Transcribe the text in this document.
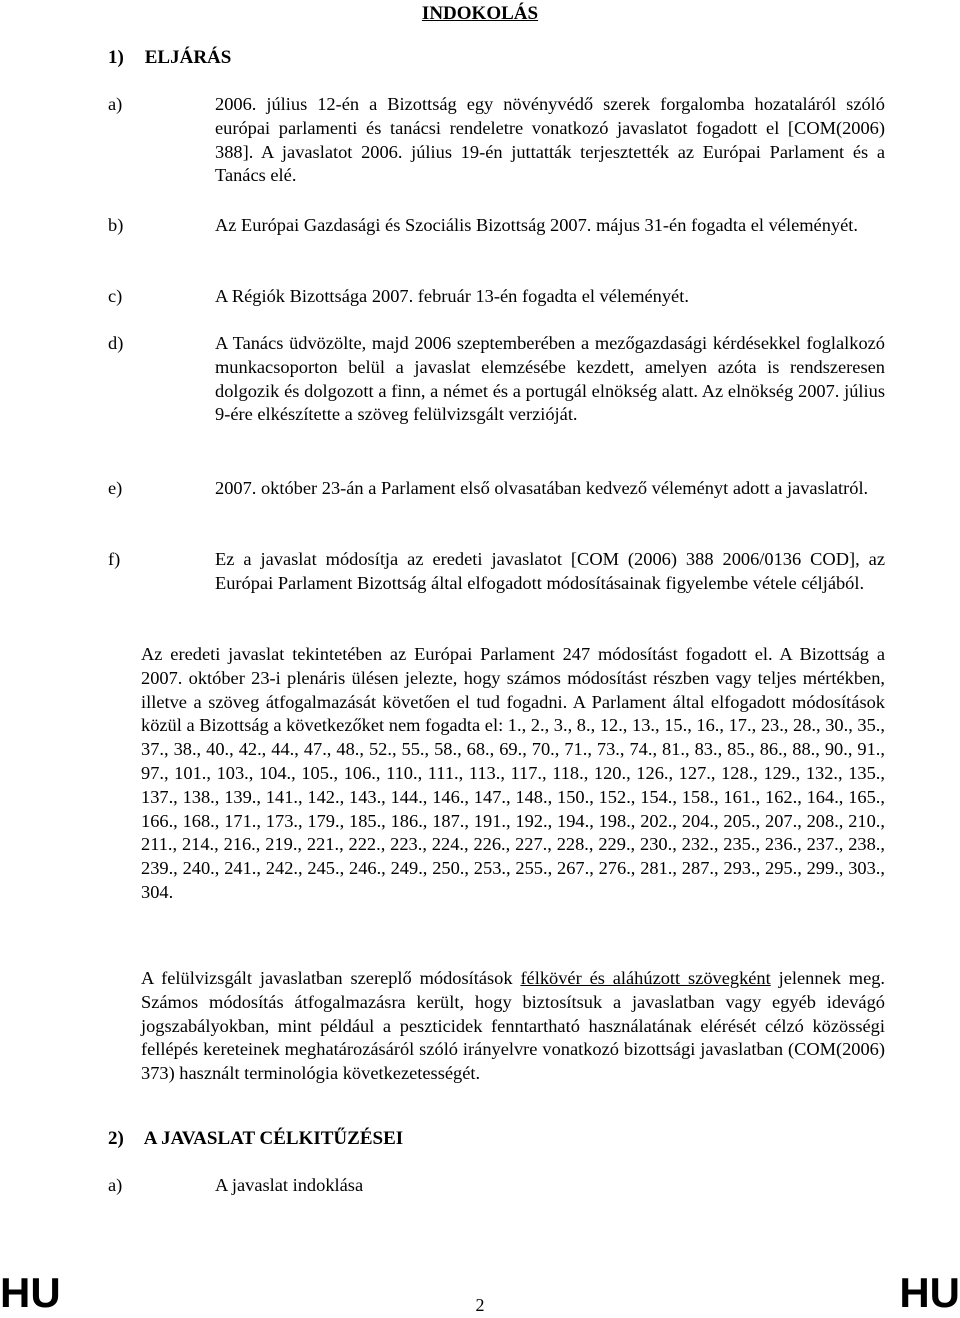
INDOKOLÁS
1) ELJÁRÁS
a)	2006. július 12-én a Bizottság egy növényvédő szerek forgalomba hozataláról szóló európai parlamenti és tanácsi rendeletre vonatkozó javaslatot fogadott el [COM(2006) 388]. A javaslatot 2006. július 19-én juttatták terjesztették az Európai Parlament és a Tanács elé.
b)	Az Európai Gazdasági és Szociális Bizottság 2007. május 31-én fogadta el véleményét.
c)	A Régiók Bizottsága 2007. február 13-én fogadta el véleményét.
d)	A Tanács üdvözölte, majd 2006 szeptemberében a mezőgazdasági kérdésekkel foglalkozó munkacsoporton belül a javaslat elemzésébe kezdett, amelyen azóta is rendszeresen dolgozik és dolgozott a finn, a német és a portugál elnökség alatt. Az elnökség 2007. július 9-ére elkészítette a szöveg felülvizsgált verzióját.
e)	2007. október 23-án a Parlament első olvasatában kedvező véleményt adott a javaslatról.
f)	Ez a javaslat módosítja az eredeti javaslatot [COM (2006) 388 2006/0136 COD], az Európai Parlament Bizottság által elfogadott módosításainak figyelembe vétele céljából.
Az eredeti javaslat tekintetében az Európai Parlament 247 módosítást fogadott el. A Bizottság a 2007. október 23-i plenáris ülésen jelezte, hogy számos módosítást részben vagy teljes mértékben, illetve a szöveg átfogalmazását követően el tud fogadni. A Parlament által elfogadott módosítások közül a Bizottság a következőket nem fogadta el: 1., 2., 3., 8., 12., 13., 15., 16., 17., 23., 28., 30., 35., 37., 38., 40., 42., 44., 47., 48., 52., 55., 58., 68., 69., 70., 71., 73., 74., 81., 83., 85., 86., 88., 90., 91., 97., 101., 103., 104., 105., 106., 110., 111., 113., 117., 118., 120., 126., 127., 128., 129., 132., 135., 137., 138., 139., 141., 142., 143., 144., 146., 147., 148., 150., 152., 154., 158., 161., 162., 164., 165., 166., 168., 171., 173., 179., 185., 186., 187., 191., 192., 194., 198., 202., 204., 205., 207., 208., 210., 211., 214., 216., 219., 221., 222., 223., 224., 226., 227., 228., 229., 230., 232., 235., 236., 237., 238., 239., 240., 241., 242., 245., 246., 249., 250., 253., 255., 267., 276., 281., 287., 293., 295., 299., 303., 304.
A felülvizsgált javaslatban szereplő módosítások félkövér és aláhúzott szövegként jelennek meg. Számos módosítás átfogalmazásra került, hogy biztosítsuk a javaslatban vagy egyéb idevágó jogszabályokban, mint például a peszticidek fenntartható használatának elérését célzó közösségi fellépés kereteinek meghatározásáról szóló irányelvre vonatkozó bizottsági javaslatban (COM(2006) 373) használt terminológia következetességét.
2) A JAVASLAT CÉLKITŰZÉSEI
a)	A javaslat indoklása
HU	2	HU
